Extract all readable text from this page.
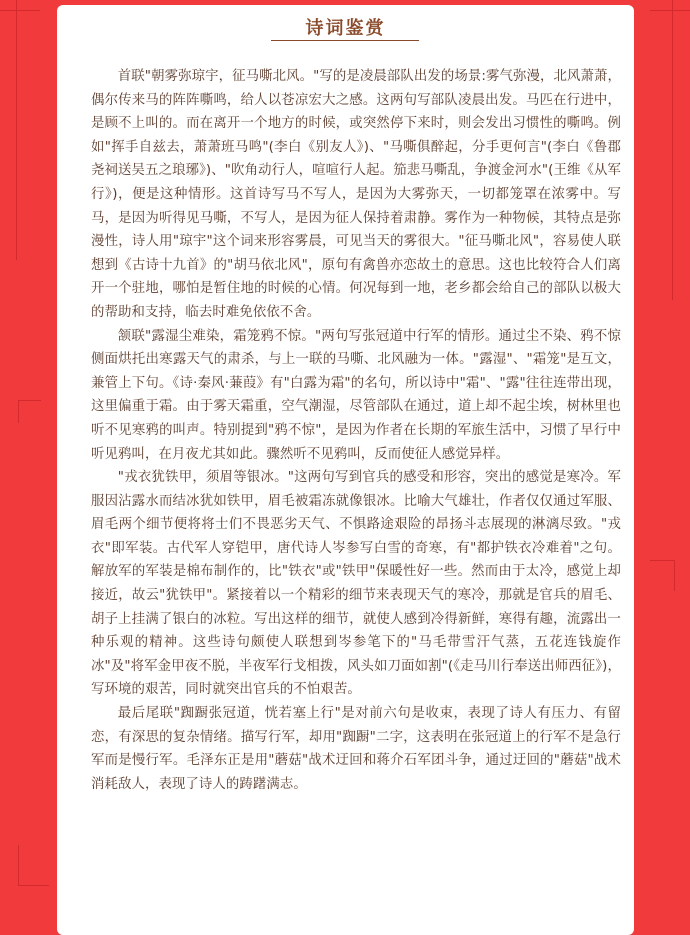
诗词鉴赏

首联"朝雾弥琼宇，征马嘶北风。"写的是凌晨部队出发的场景:雾气弥漫，北风萧萧，偶尔传来马的阵阵嘶鸣，给人以苍凉宏大之感。这两句写部队凌晨出发。马匹在行进中，是顾不上叫的。而在离开一个地方的时候，或突然停下来时，则会发出习惯性的嘶鸣。例如"挥手自兹去，萧萧班马鸣"(李白《别友人》)、"马嘶俱醉起，分手更何言"(李白《鲁郡尧祠送吴五之琅琊》)、"吹角动行人，喧喧行人起。笳悲马嘶乱，争渡金河水"(王维《从军行》)，便是这种情形。这首诗写马不写人，是因为大雾弥天，一切都笼罩在浓雾中。写马，是因为听得见马嘶，不写人，是因为征人保持着肃静。雾作为一种物候，其特点是弥漫性，诗人用"琼宇"这个词来形容雾晨，可见当天的雾很大。"征马嘶北风"，容易使人联想到《古诗十九首》的"胡马依北风"，原句有禽兽亦恋故土的意思。这也比较符合人们离开一个驻地，哪怕是暂住地的时候的心情。何况每到一地，老乡都会给自己的部队以极大的帮助和支持，临去时难免依依不舍。

颔联"露湿尘难染，霜笼鸦不惊。"两句写张冠道中行军的情形。通过尘不染、鸦不惊侧面烘托出寒露天气的肃杀，与上一联的马嘶、北风融为一体。"露湿"、"霜笼"是互文，兼管上下句。《诗·秦风·蒹葭》有"白露为霜"的名句，所以诗中"霜"、"露"往往连带出现，这里偏重于霜。由于雾天霜重，空气潮湿，尽管部队在通过，道上却不起尘埃，树林里也听不见寒鸦的叫声。特别提到"鸦不惊"，是因为作者在长期的军旅生活中，习惯了早行中听见鸦叫，在月夜尤其如此。骤然听不见鸦叫，反而使征人感觉异样。

"戎衣犹铁甲，须眉等银冰。"这两句写到官兵的感受和形容，突出的感觉是寒冷。军服因沾露水而结冰犹如铁甲，眉毛被霜冻就像银冰。比喻大气雄壮，作者仅仅通过军服、眉毛两个细节便将将士们不畏恶劣天气、不惧路途艰险的昂扬斗志展现的淋漓尽致。"戎衣"即军装。古代军人穿铠甲，唐代诗人岑参写白雪的奇寒，有"都护铁衣冷难着"之句。解放军的军装是棉布制作的，比"铁衣"或"铁甲"保暖性好一些。然而由于太冷，感觉上却接近，故云"犹铁甲"。紧接着以一个精彩的细节来表现天气的寒冷，那就是官兵的眉毛、胡子上挂满了银白的冰粒。写出这样的细节，就使人感到冷得新鲜，寒得有趣，流露出一种乐观的精神。这些诗句颇使人联想到岑参笔下的"马毛带雪汗气蒸，五花连钱旋作冰"及"将军金甲夜不脱，半夜军行戈相拨，风头如刀面如割"(《走马川行奉送出师西征》)，写环境的艰苦，同时就突出官兵的不怕艰苦。

最后尾联"踟蹰张冠道，恍若塞上行"是对前六句是收束，表现了诗人有压力、有留恋，有深思的复杂情绪。描写行军，却用"踟蹰"二字，这表明在张冠道上的行军不是急行军而是慢行军。毛泽东正是用"蘑菇"战术迂回和蒋介石军团斗争，通过迂回的"蘑菇"战术消耗敌人，表现了诗人的踌躇满志。
